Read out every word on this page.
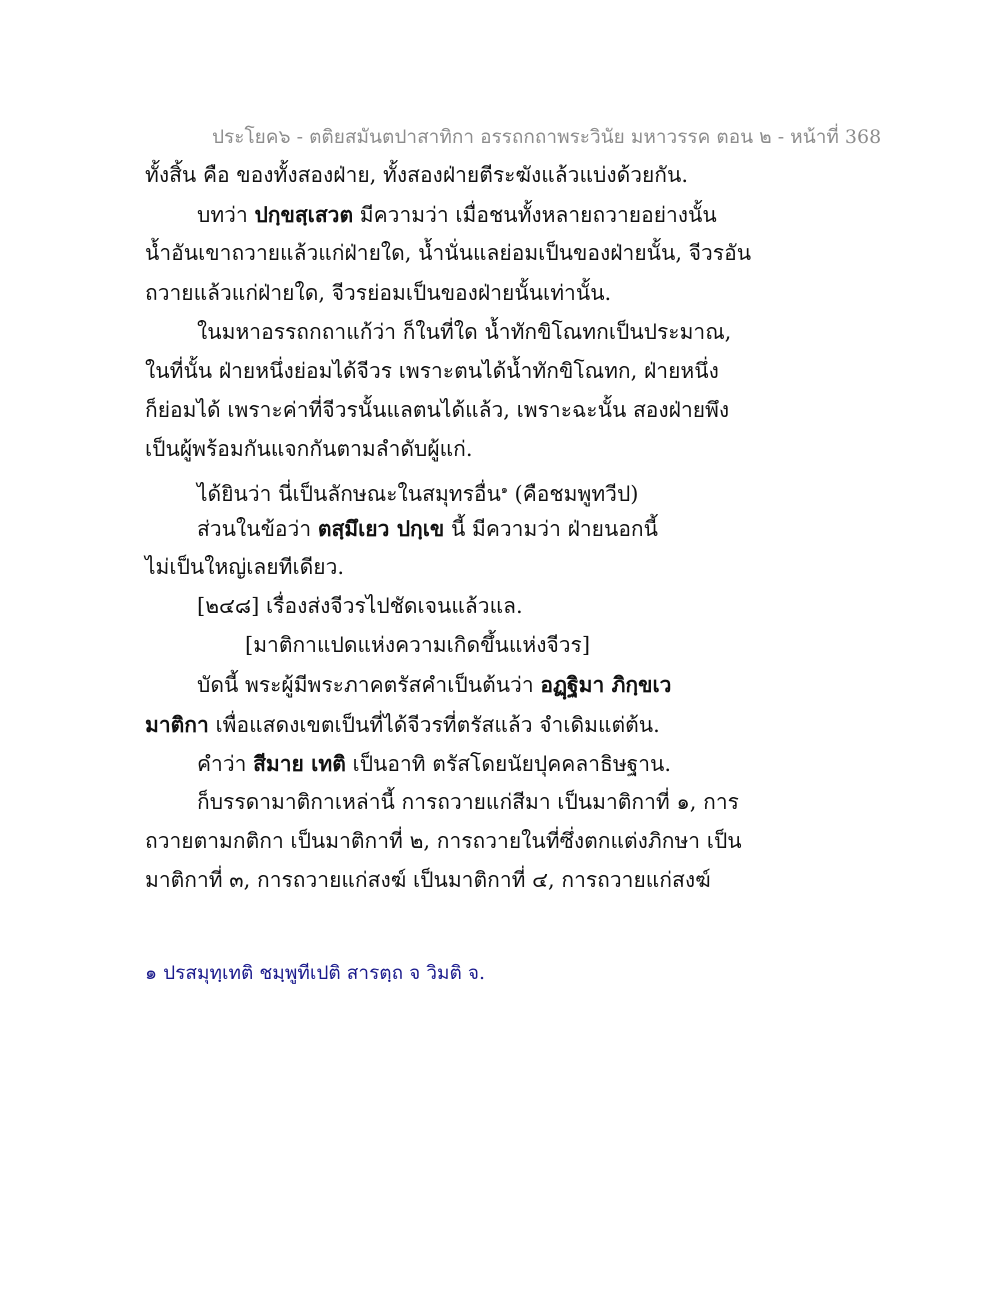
ประโยค๖ - ตติยสมันตปาสาทิกา อรรถกถาพระวินัย มหาวรรค ตอน ๒ - หน้าที่ 368
ทั้งสิ้น คือ ของทั้งสองฝ่าย, ทั้งสองฝ่ายตีระฆังแล้วแบ่งด้วยกัน.
บทว่า ปกฺขสฺเสวต มีความว่า เมื่อชนทั้งหลายถวายอย่างนั้น
น้ำอันเขาถวายแล้วแก่ฝ่ายใด, น้ำนั่นแลย่อมเป็นของฝ่ายนั้น, จีวรอัน
ถวายแล้วแก่ฝ่ายใด, จีวรย่อมเป็นของฝ่ายนั้นเท่านั้น.
ในมหาอรรถกถาแก้ว่า ก็ในที่ใด น้ำทักขิโณทกเป็นประมาณ,
ในที่นั้น ฝ่ายหนึ่งย่อมได้จีวร เพราะตนได้น้ำทักขิโณทก, ฝ่ายหนึ่ง
ก็ย่อมได้ เพราะค่าที่จีวรนั้นแลตนได้แล้ว, เพราะฉะนั้น สองฝ่ายพึง
เป็นผู้พร้อมกันแจกกันตามลำดับผู้แก่.
ได้ยินว่า นี่เป็นลักษณะในสมุทรอื่น$^๑$ (คือชมพูทวีป)
ส่วนในข้อว่า ตสฺมึเยว ปกฺเข นี้ มีความว่า ฝ่ายนอกนี้
ไม่เป็นใหญ่เลยทีเดียว.
[๒๔๘] เรื่องส่งจีวรไปชัดเจนแล้วแล.
[มาติกาแปดแห่งความเกิดขึ้นแห่งจีวร]
บัดนี้ พระผู้มีพระภาคตรัสคำเป็นต้นว่า อฏฺฐิมา ภิกฺขเว
มาติกา เพื่อแสดงเขตเป็นที่ได้จีวรที่ตรัสแล้ว จำเดิมแต่ต้น.
คำว่า สีมาย เทติ เป็นอาทิ ตรัสโดยนัยปุคคลาธิษฐาน.
ก็บรรดามาติกาเหล่านี้ การถวายแก่สีมา เป็นมาติกาที่ ๑, การ
ถวายตามกติกา เป็นมาติกาที่ ๒, การถวายในที่ซึ่งตกแต่งภิกษา เป็น
มาติกาที่ ๓, การถวายแก่สงฆ์ เป็นมาติกาที่ ๔, การถวายแก่สงฆ์
๑ ปรสมุทฺเทติ ชมฺพูทีเปติ สารตฺถ จ วิมติ จ.
